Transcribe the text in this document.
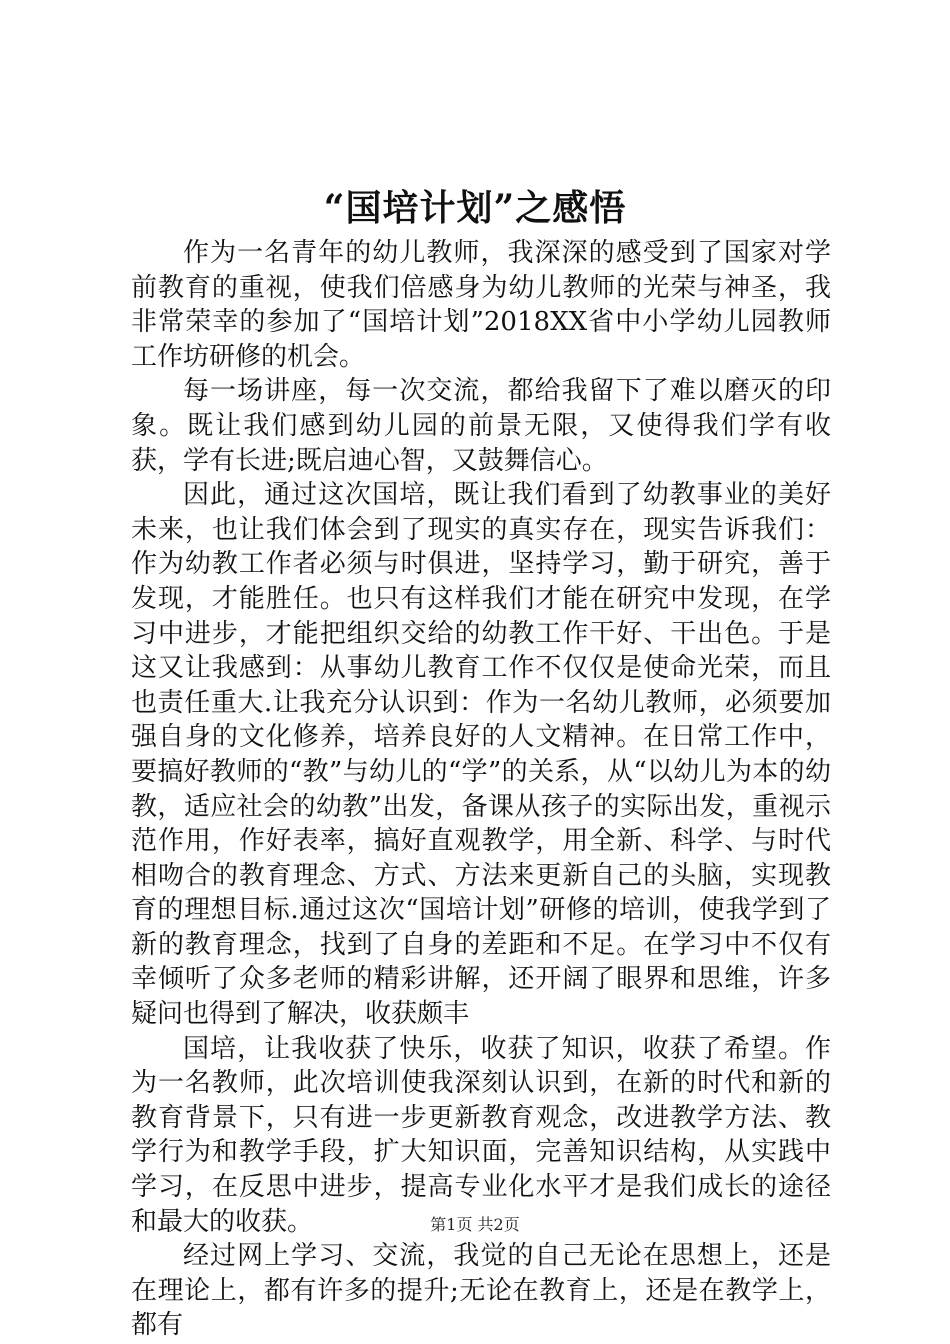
“国培计划”之感悟

作为一名青年的幼儿教师，我深深的感受到了国家对学前教育的重视，使我们倍感身为幼儿教师的光荣与神圣，我非常荣幸的参加了“国培计划”2018XX省中小学幼儿园教师工作坊研修的机会。

每一场讲座，每一次交流，都给我留下了难以磨灭的印象。既让我们感到幼儿园的前景无限，又使得我们学有收获，学有长进;既启迪心智，又鼓舞信心。

因此，通过这次国培，既让我们看到了幼教事业的美好未来，也让我们体会到了现实的真实存在，现实告诉我们：作为幼教工作者必须与时俱进，坚持学习，勤于研究，善于发现，才能胜任。也只有这样我们才能在研究中发现，在学习中进步，才能把组织交给的幼教工作干好、干出色。于是这又让我感到：从事幼儿教育工作不仅仅是使命光荣，而且也责任重大.让我充分认识到：作为一名幼儿教师，必须要加强自身的文化修养，培养良好的人文精神。在日常工作中，要搞好教师的“教”与幼儿的“学”的关系，从“以幼儿为本的幼教，适应社会的幼教”出发，备课从孩子的实际出发，重视示范作用，作好表率，搞好直观教学，用全新、科学、与时代相吻合的教育理念、方式、方法来更新自己的头脑，实现教育的理想目标.通过这次“国培计划”研修的培训，使我学到了新的教育理念，找到了自身的差距和不足。在学习中不仅有幸倾听了众多老师的精彩讲解，还开阔了眼界和思维，许多疑问也得到了解决，收获颇丰

国培，让我收获了快乐，收获了知识，收获了希望。作为一名教师，此次培训使我深刻认识到，在新的时代和新的教育背景下，只有进一步更新教育观念，改进教学方法、教学行为和教学手段，扩大知识面，完善知识结构，从实践中学习，在反思中进步，提高专业化水平才是我们成长的途径和最大的收获。

经过网上学习、交流，我觉的自己无论在思想上，还是在理论上，都有许多的提升;无论在教育上，还是在教学上，都有

第1页 共2页
